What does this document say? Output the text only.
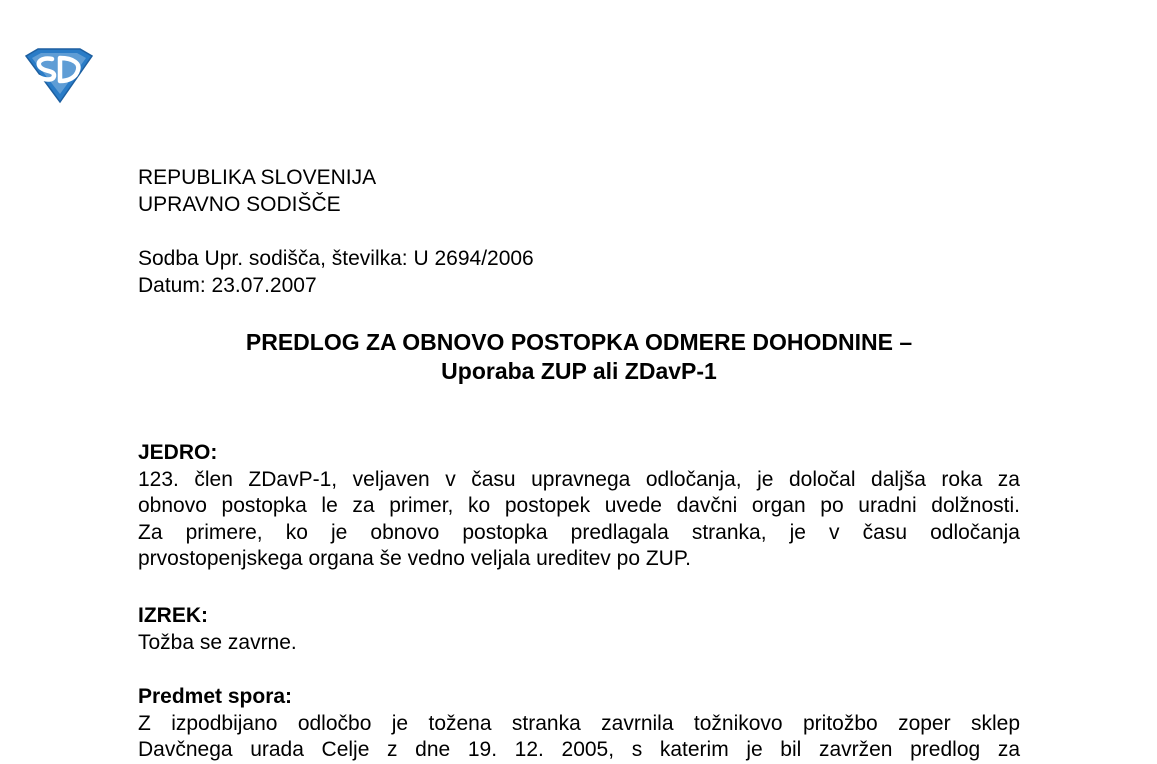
REPUBLIKA SLOVENIJA
UPRAVNO SODIŠČE
Sodba Upr. sodišča, številka: U 2694/2006
Datum: 23.07.2007
PREDLOG ZA OBNOVO POSTOPKA ODMERE DOHODNINE –
Uporaba ZUP ali ZDavP-1
JEDRO:
123. člen ZDavP-1, veljaven v času upravnega odločanja, je določal daljša roka za
obnovo postopka le za primer, ko postopek uvede davčni organ po uradni dolžnosti.
Za primere, ko je obnovo postopka predlagala stranka, je v času odločanja
prvostopenjskega organa še vedno veljala ureditev po ZUP.
IZREK:
Tožba se zavrne.
Predmet spora:
Z izpodbijano odločbo je tožena stranka zavrnila tožnikovo pritožbo zoper sklep
Davčnega urada Celje z dne 19. 12. 2005, s katerim je bil zavržen predlog za
